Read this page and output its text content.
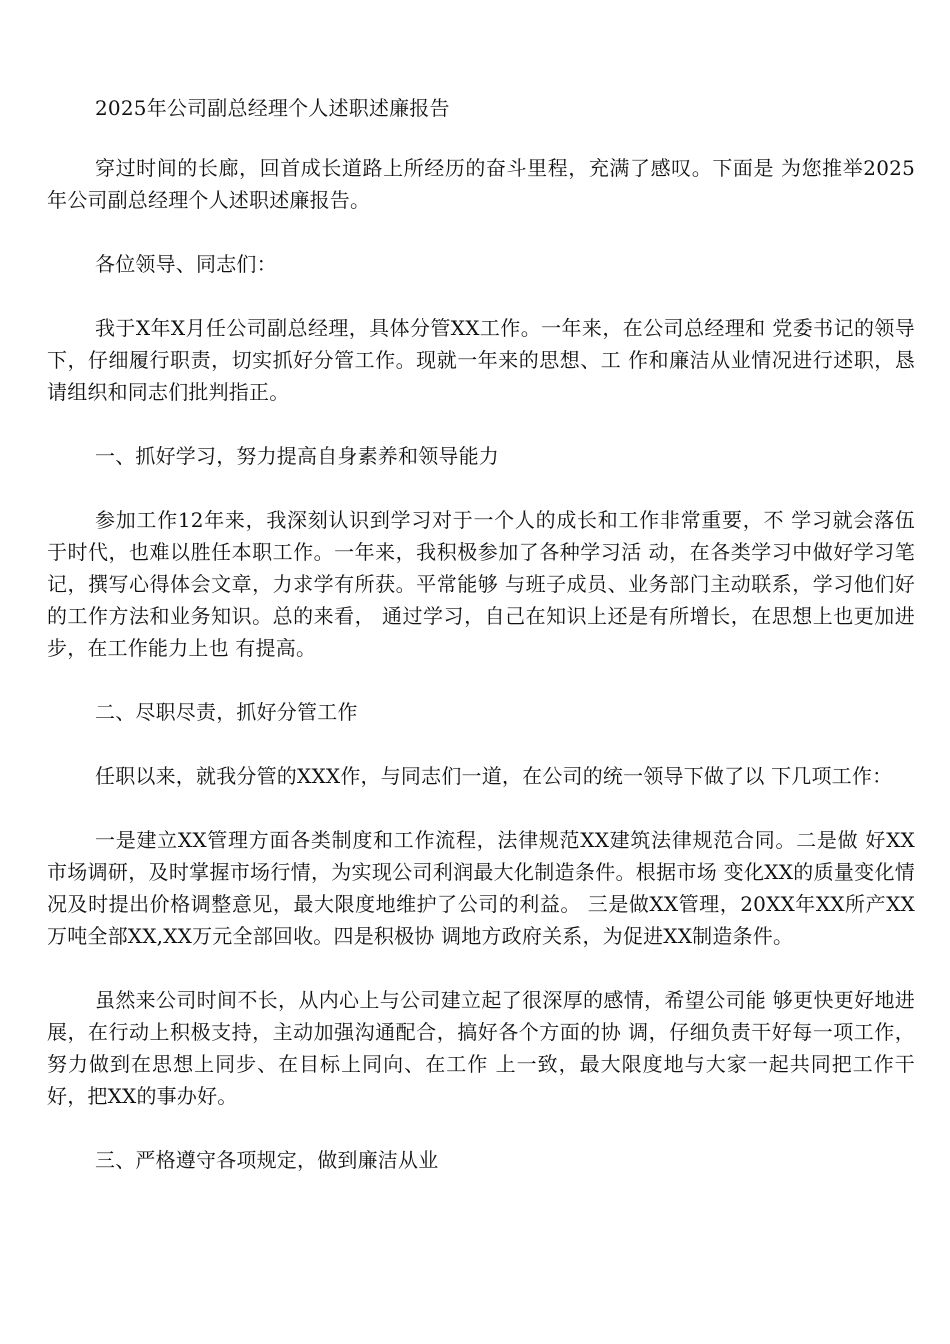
2025年公司副总经理个人述职述廉报告

穿过时间的长廊，回首成长道路上所经历的奋斗里程，充满了感叹。下面是 为您推举2025年公司副总经理个人述职述廉报告。

各位领导、同志们：

我于X年X月任公司副总经理，具体分管XX工作。一年来，在公司总经理和 党委书记的领导下，仔细履行职责，切实抓好分管工作。现就一年来的思想、工 作和廉洁从业情况进行述职，恳请组织和同志们批判指正。

一、抓好学习，努力提高自身素养和领导能力

参加工作12年来，我深刻认识到学习对于一个人的成长和工作非常重要，不 学习就会落伍于时代，也难以胜任本职工作。一年来，我积极参加了各种学习活 动，在各类学习中做好学习笔记，撰写心得体会文章，力求学有所获。平常能够 与班子成员、业务部门主动联系，学习他们好的工作方法和业务知识。总的来看， 通过学习，自己在知识上还是有所增长，在思想上也更加进步，在工作能力上也 有提高。

二、尽职尽责，抓好分管工作

任职以来，就我分管的XXX作，与同志们一道，在公司的统一领导下做了以 下几项工作：

一是建立XX管理方面各类制度和工作流程，法律规范XX建筑法律规范合同。二是做 好XX市场调研，及时掌握市场行情，为实现公司利润最大化制造条件。根据市场 变化XX的质量变化情况及时提出价格调整意见，最大限度地维护了公司的利益。 三是做XX管理，20XX年XX所产XX万吨全部XX,XX万元全部回收。四是积极协 调地方政府关系，为促进XX制造条件。

虽然来公司时间不长，从内心上与公司建立起了很深厚的感情，希望公司能 够更快更好地进展，在行动上积极支持，主动加强沟通配合，搞好各个方面的协 调，仔细负责干好每一项工作，努力做到在思想上同步、在目标上同向、在工作 上一致，最大限度地与大家一起共同把工作干好，把XX的事办好。

三、严格遵守各项规定，做到廉洁从业
